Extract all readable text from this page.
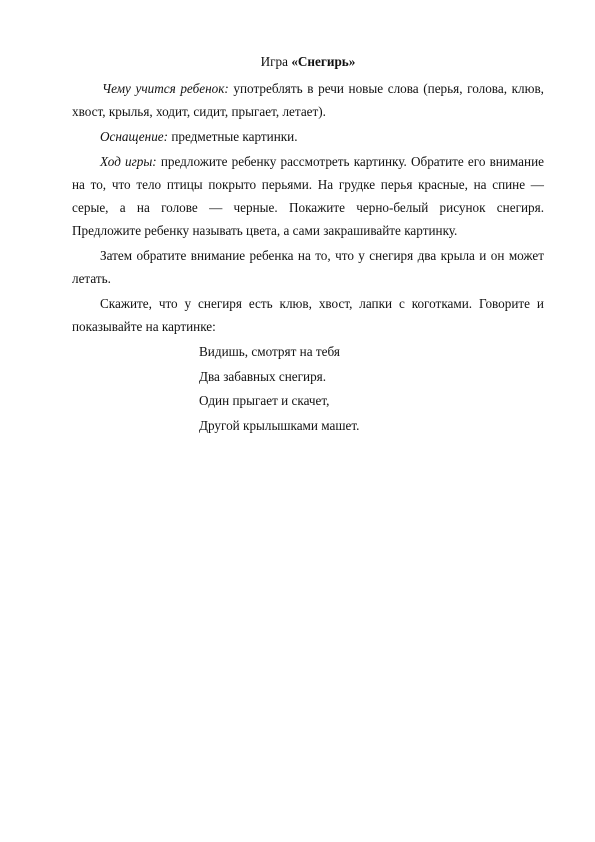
Игра «Снегирь»

Чему учится ребенок: употреблять в речи новые слова (перья, голова, клюв, хвост, крылья, ходит, сидит, прыгает, летает).

Оснащение: предметные картинки.

Ход игры: предложите ребенку рассмотреть картинку. Обратите его внимание на то, что тело птицы покрыто перьями. На грудке перья красные, на спине — серые, а на голове — черные. Покажите черно-белый рисунок снегиря. Предложите ребенку называть цвета, а сами закрашивайте картинку.

Затем обратите внимание ребенка на то, что у снегиря два крыла и он может летать.

Скажите, что у снегиря есть клюв, хвост, лапки с коготками. Говорите и показывайте на картинке:

Видишь, смотрят на тебя
Два забавных снегиря.
Один прыгает и скачет,
Другой крылышками машет.
